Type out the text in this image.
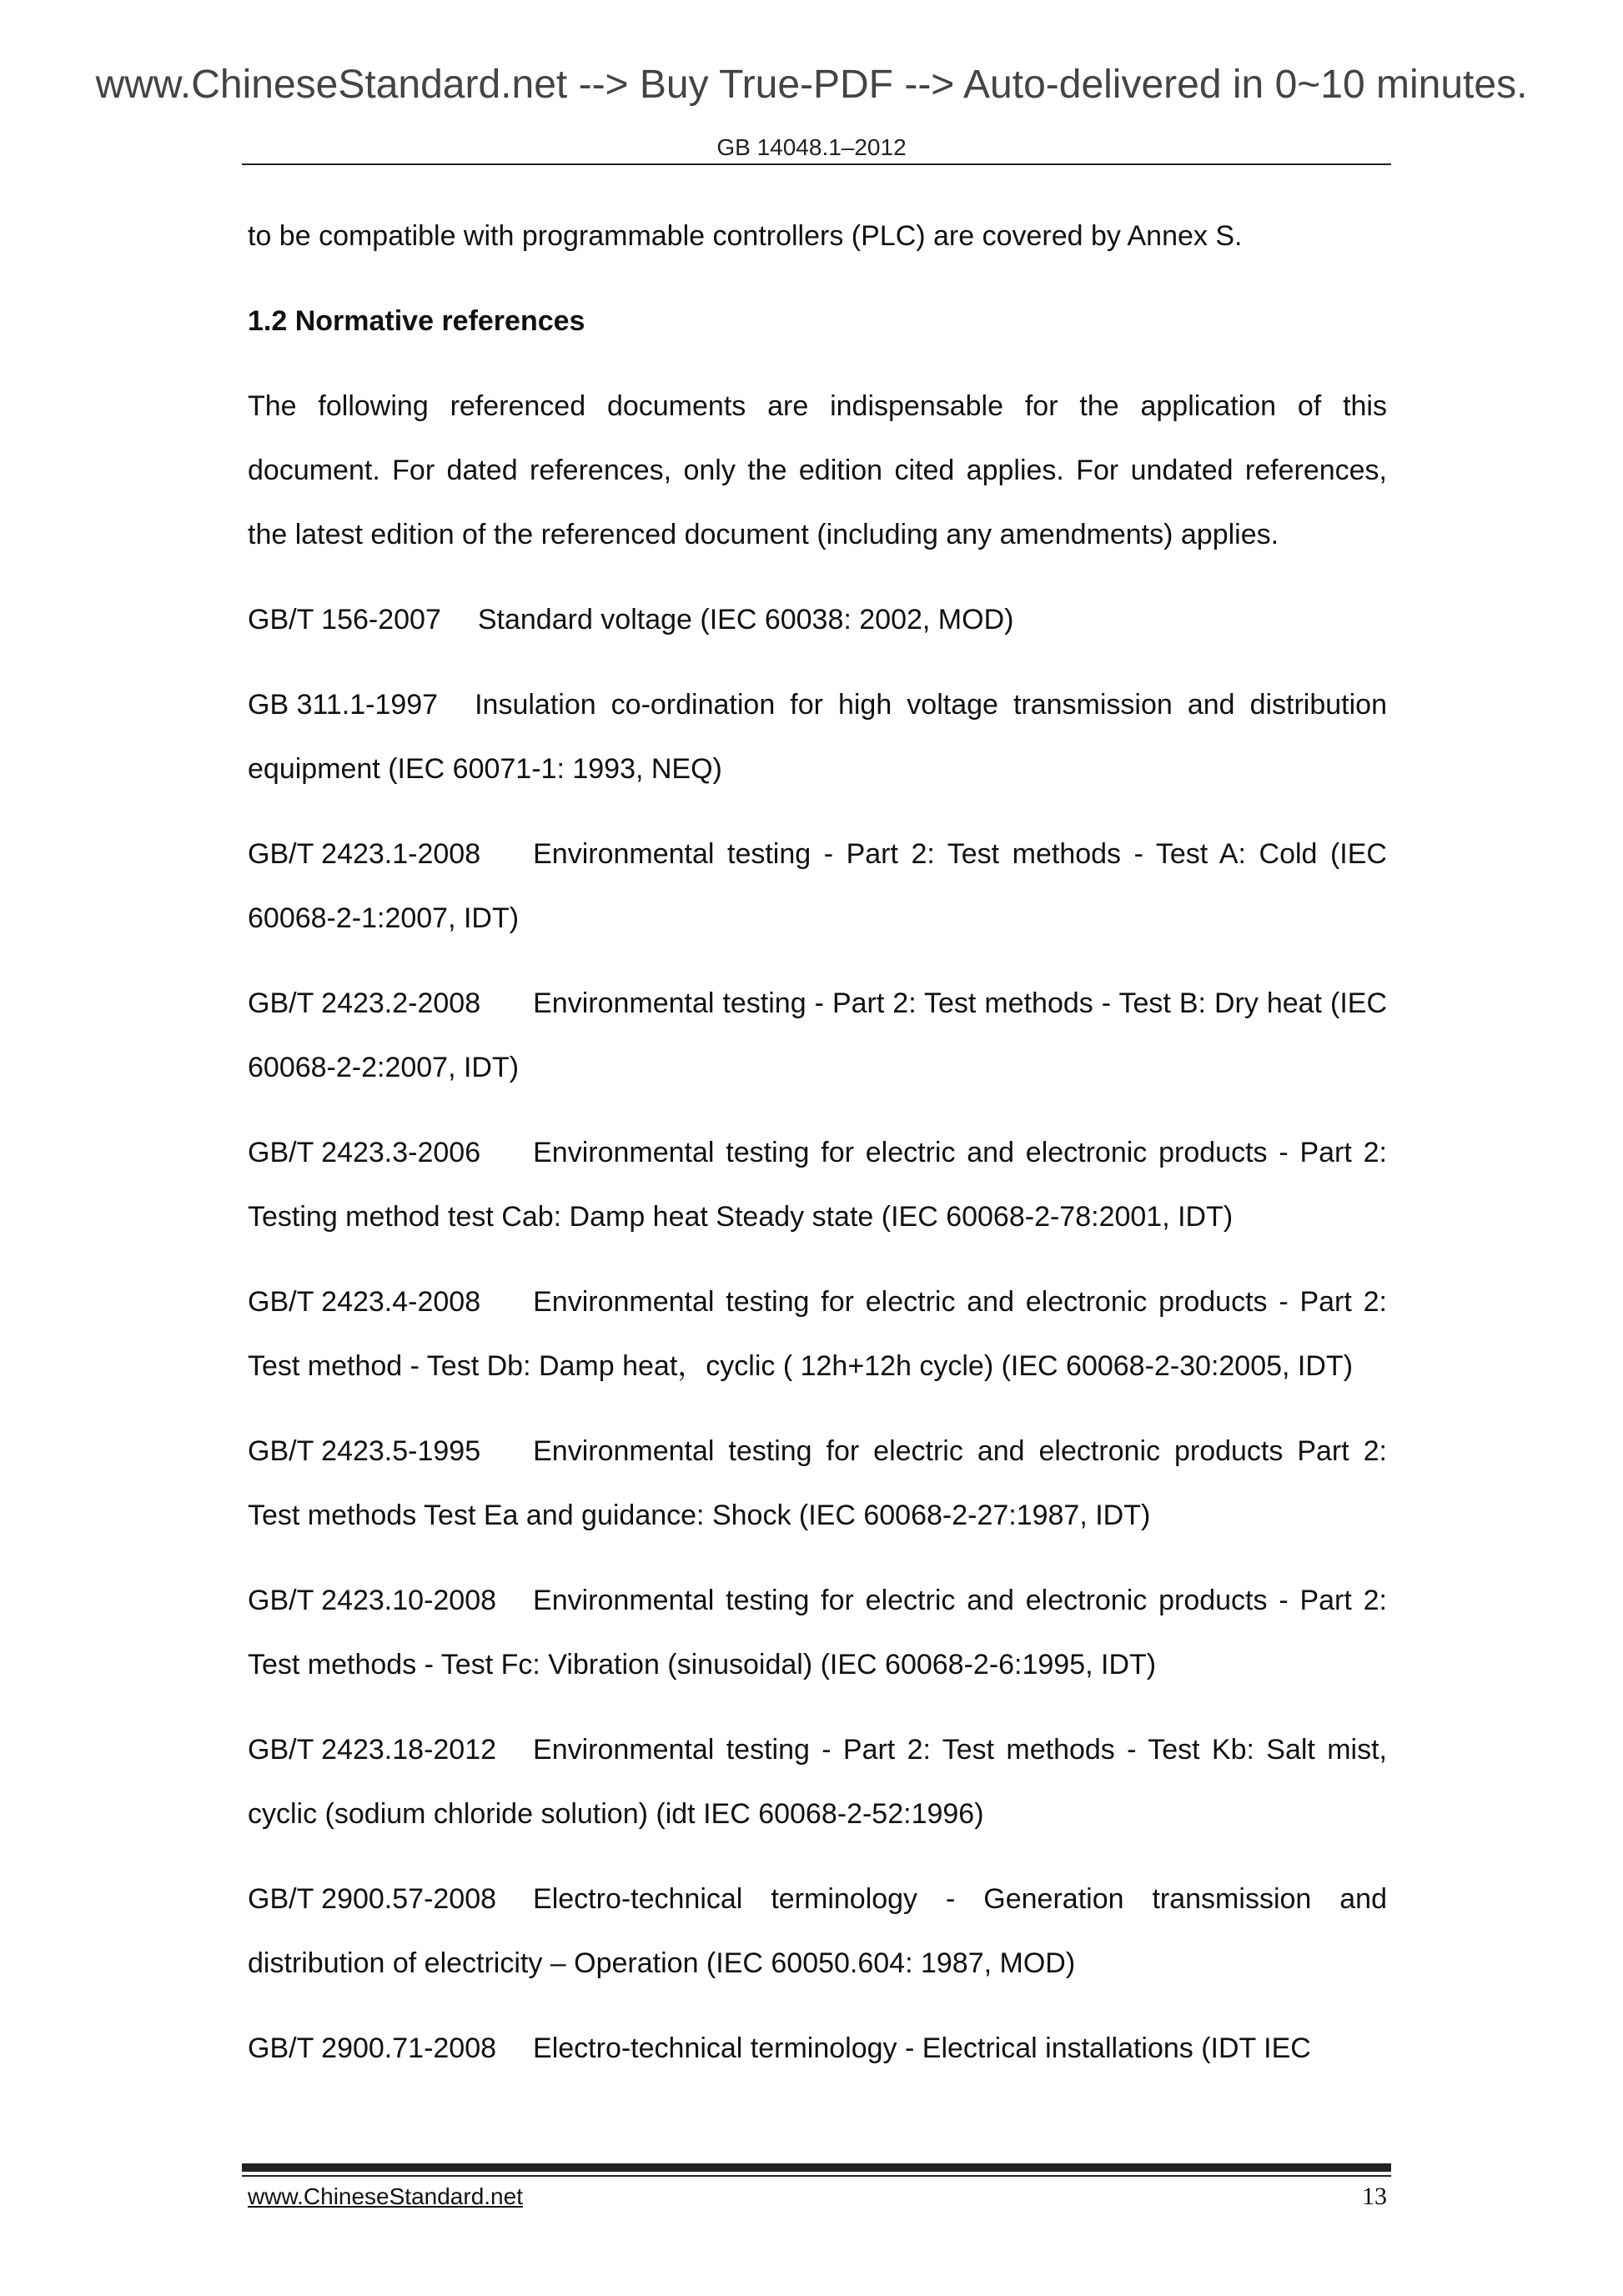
www.ChineseStandard.net --> Buy True-PDF --> Auto-delivered in 0~10 minutes.
GB 14048.1–2012

to be compatible with programmable controllers (PLC) are covered by Annex S.

1.2 Normative references

The following referenced documents are indispensable for the application of this document. For dated references, only the edition cited applies. For undated references, the latest edition of the referenced document (including any amendments) applies.

GB/T 156-2007 Standard voltage (IEC 60038: 2002, MOD)

GB 311.1-1997 Insulation co-ordination for high voltage transmission and distribution equipment (IEC 60071-1: 1993, NEQ)

GB/T 2423.1-2008 Environmental testing - Part 2: Test methods - Test A: Cold (IEC 60068-2-1:2007, IDT)

GB/T 2423.2-2008 Environmental testing - Part 2: Test methods - Test B: Dry heat (IEC 60068-2-2:2007, IDT)

GB/T 2423.3-2006 Environmental testing for electric and electronic products - Part 2: Testing method test Cab: Damp heat Steady state (IEC 60068-2-78:2001, IDT)

GB/T 2423.4-2008 Environmental testing for electric and electronic products - Part 2: Test method - Test Db: Damp heat，cyclic ( 12h+12h cycle) (IEC 60068-2-30:2005, IDT)

GB/T 2423.5-1995 Environmental testing for electric and electronic products Part 2: Test methods Test Ea and guidance: Shock (IEC 60068-2-27:1987, IDT)

GB/T 2423.10-2008 Environmental testing for electric and electronic products - Part 2: Test methods - Test Fc: Vibration (sinusoidal) (IEC 60068-2-6:1995, IDT)

GB/T 2423.18-2012 Environmental testing - Part 2: Test methods - Test Kb: Salt mist, cyclic (sodium chloride solution) (idt IEC 60068-2-52:1996)

GB/T 2900.57-2008 Electro-technical terminology - Generation transmission and distribution of electricity – Operation (IEC 60050.604: 1987, MOD)

GB/T 2900.71-2008 Electro-technical terminology - Electrical installations (IDT IEC

www.ChineseStandard.net	13
